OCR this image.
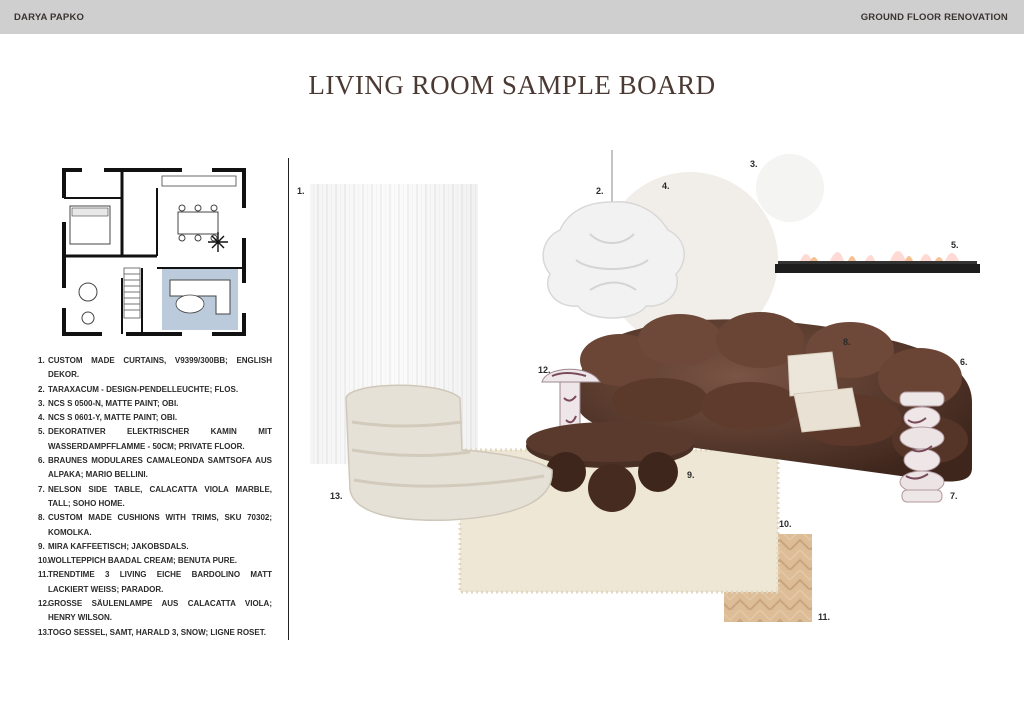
DARYA PAPKO	GROUND FLOOR RENOVATION
LIVING ROOM SAMPLE BOARD
1. CUSTOM MADE CURTAINS, V9399/300BB; ENGLISH DEKOR.
2. TARAXACUM - DESIGN-PENDELLEUCHTE; FLOS.
3. NCS S 0500-N, MATTE PAINT; OBI.
4. NCS S 0601-Y, MATTE PAINT; OBI.
5. DEKORATIVER ELEKTRISCHER KAMIN MIT WASSERDAMPFFLAMME - 50CM; PRIVATE FLOOR.
6. BRAUNES MODULARES CAMALEONDA SAMTSOFA AUS ALPAKA; MARIO BELLINI.
7. NELSON SIDE TABLE, CALACATTA VIOLA MARBLE, TALL; SOHO HOME.
8. CUSTOM MADE CUSHIONS WITH TRIMS, SKU 70302; KOMOLKA.
9. MIRA KAFFEETISCH; JAKOBSDALS.
10.
WOLLTEPPICH BAADAL CREAM; BENUTA PURE.
11. TRENDTIME 3 LIVING EICHE BARDOLINO MATT LACKIERT WEISS; PARADOR.
12.
GROSSE SÄULENLAMPE AUS CALACATTA VIOLA; HENRY WILSON.
13.
TOGO SESSEL, SAMT, HARALD 3, SNOW; LIGNE ROSET.
1.	2.
3.
4.
5.
6.
7.
8.
9.
10.
11.
12.
13.
